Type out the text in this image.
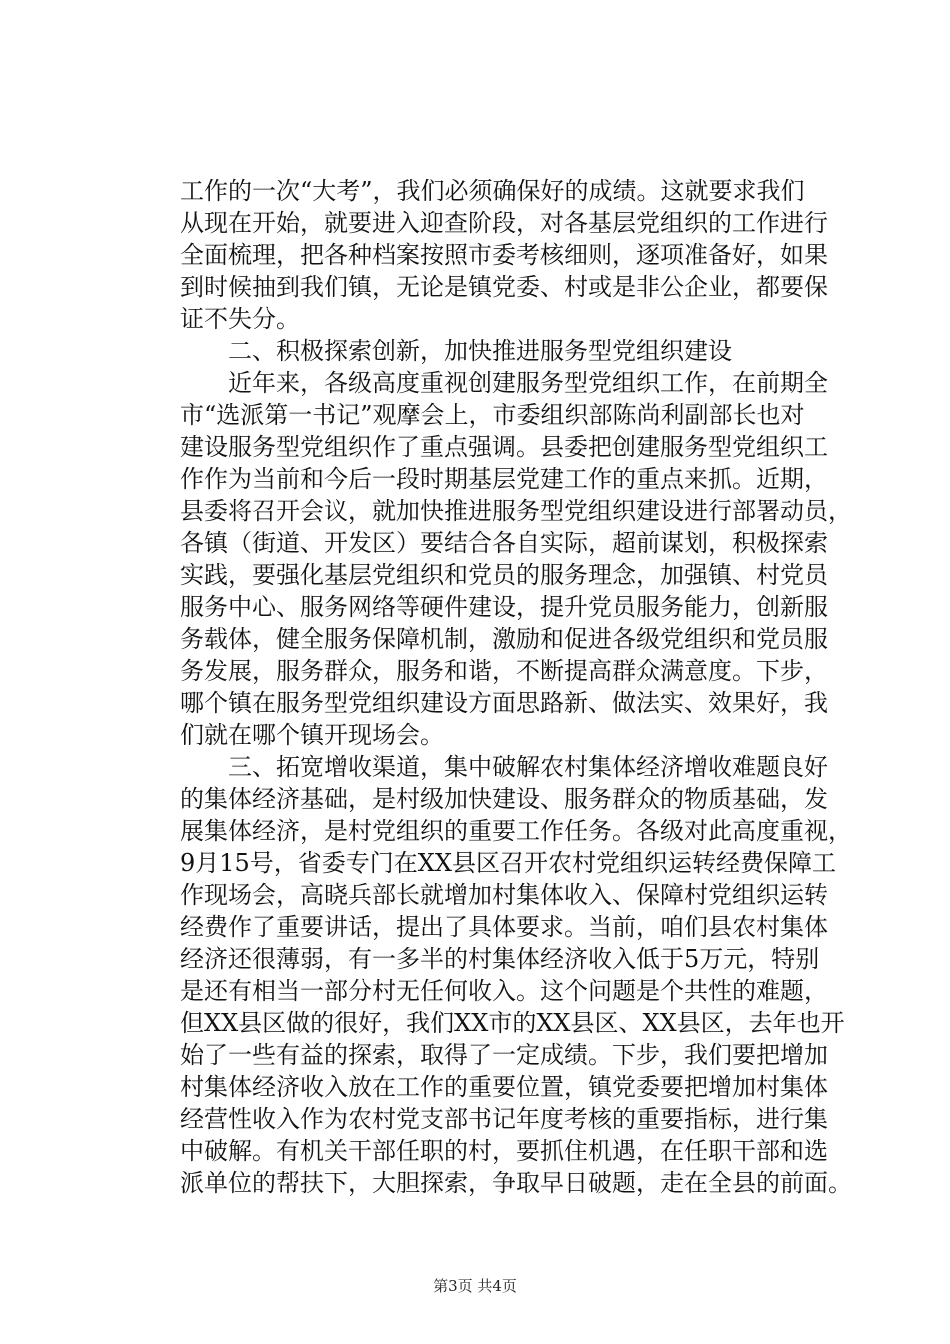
工作的一次“大考”，我们必须确保好的成绩。这就要求我们
从现在开始，就要进入迎查阶段，对各基层党组织的工作进行
全面梳理，把各种档案按照市委考核细则，逐项准备好，如果
到时候抽到我们镇，无论是镇党委、村或是非公企业，都要保
证不失分。
　　二、积极探索创新，加快推进服务型党组织建设
　　近年来，各级高度重视创建服务型党组织工作，在前期全
市“选派第一书记”观摩会上，市委组织部陈尚利副部长也对
建设服务型党组织作了重点强调。县委把创建服务型党组织工
作作为当前和今后一段时期基层党建工作的重点来抓。近期，
县委将召开会议，就加快推进服务型党组织建设进行部署动员，
各镇（街道、开发区）要结合各自实际，超前谋划，积极探索
实践，要强化基层党组织和党员的服务理念，加强镇、村党员
服务中心、服务网络等硬件建设，提升党员服务能力，创新服
务载体，健全服务保障机制，激励和促进各级党组织和党员服
务发展，服务群众，服务和谐，不断提高群众满意度。下步，
哪个镇在服务型党组织建设方面思路新、做法实、效果好，我
们就在哪个镇开现场会。
　　三、拓宽增收渠道，集中破解农村集体经济增收难题良好
的集体经济基础，是村级加快建设、服务群众的物质基础，发
展集体经济，是村党组织的重要工作任务。各级对此高度重视，
9月15号，省委专门在XX县区召开农村党组织运转经费保障工
作现场会，高晓兵部长就增加村集体收入、保障村党组织运转
经费作了重要讲话，提出了具体要求。当前，咱们县农村集体
经济还很薄弱，有一多半的村集体经济收入低于5万元，特别
是还有相当一部分村无任何收入。这个问题是个共性的难题，
但XX县区做的很好，我们XX市的XX县区、XX县区，去年也开
始了一些有益的探索，取得了一定成绩。下步，我们要把增加
村集体经济收入放在工作的重要位置，镇党委要把增加村集体
经营性收入作为农村党支部书记年度考核的重要指标，进行集
中破解。有机关干部任职的村，要抓住机遇，在任职干部和选
派单位的帮扶下，大胆探索，争取早日破题，走在全县的前面。
第3页 共4页
